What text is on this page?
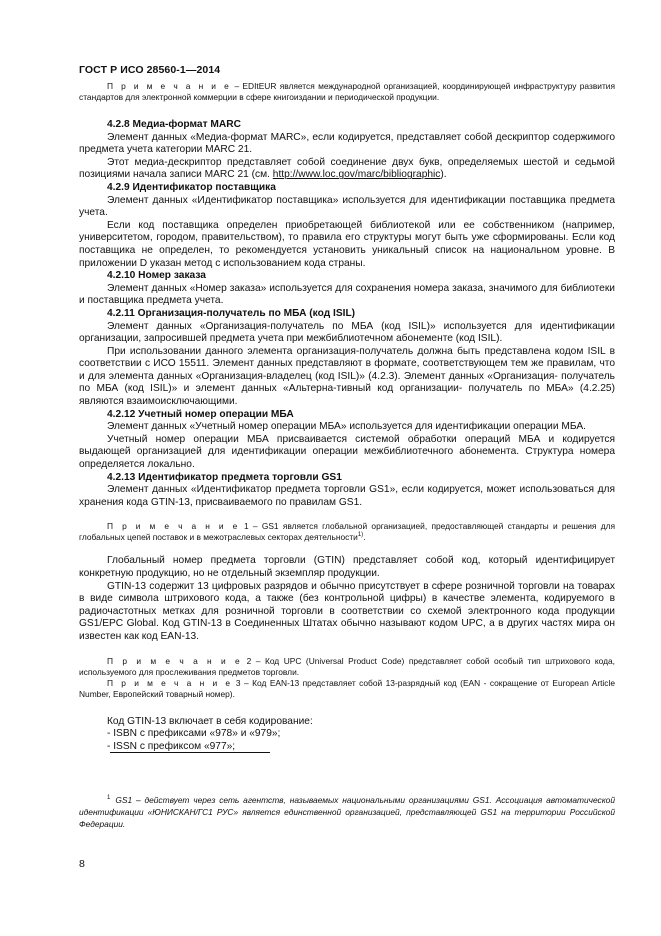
ГОСТ Р ИСО 28560-1—2014

П р и м е ч а н и е – EDItEUR является международной организацией, координирующей инфраструктуру развития стандартов для электронной коммерции в сфере книгоиздании и периодической продукции.

4.2.8 Медиа-формат MARC

Элемент данных «Медиа-формат MARC», если кодируется, представляет собой дескриптор содержимого предмета учета категории MARC 21.

Этот медиа-дескриптор представляет собой соединение двух букв, определяемых шестой и седьмой позициями начала записи MARC 21 (см. http://www.loc.gov/marc/bibliographic).

4.2.9 Идентификатор поставщика

Элемент данных «Идентификатор поставщика» используется для идентификации поставщика предмета учета.

Если код поставщика определен приобретающей библиотекой или ее собственником (например, университетом, городом, правительством), то правила его структуры могут быть уже сформированы. Если код поставщика не определен, то рекомендуется установить уникальный список на национальном уровне. В приложении D указан метод с использованием кода страны.

4.2.10 Номер заказа

Элемент данных «Номер заказа» используется для сохранения номера заказа, значимого для библиотеки и поставщика предмета учета.

4.2.11 Организация-получатель по МБА (код ISIL)

Элемент данных «Организация-получатель по МБА (код ISIL)» используется для идентификации организации, запросившей предмета учета при межбиблиотечном абонементе (код ISIL).

При использовании данного элемента организация-получатель должна быть представлена кодом ISIL в соответствии с ИСО 15511. Элемент данных представляют в формате, соответствующем тем же правилам, что и для элемента данных «Организация-владелец (код ISIL)» (4.2.3). Элемент данных «Организация- получатель по МБА (код ISIL)» и элемент данных «Альтерна-тивный код организации- получатель по МБА» (4.2.25) являются взаимоисключающими.

4.2.12 Учетный номер операции МБА

Элемент данных «Учетный номер операции МБА» используется для идентификации операции МБА.

Учетный номер операции МБА присваивается системой обработки операций МБА и кодируется выдающей организацией для идентификации операции межбиблиотечного абонемента. Структура номера определяется локально.

4.2.13 Идентификатор предмета торговли GS1

Элемент данных «Идентификатор предмета торговли GS1», если кодируется, может использоваться для хранения кода GTIN-13, присваиваемого по правилам GS1.

П р и м е ч а н и е 1 – GS1 является глобальной организацией, предоставляющей стандарты и решения для глобальных цепей поставок и в межотраслевых секторах деятельности$^{1)}$.

Глобальный номер предмета торговли (GTIN) представляет собой код, который идентифицирует конкретную продукцию, но не отдельный экземпляр продукции.

GTIN-13 содержит 13 цифровых разрядов и обычно присутствует в сфере розничной торговли на товарах в виде символа штрихового кода, а также (без контрольной цифры) в качестве элемента, кодируемого в радиочастотных метках для розничной торговли в соответствии со схемой электронного кода продукции GS1/EPC Global. Код GTIN-13 в Соединенных Штатах обычно называют кодом UPC, а в других частях мира он известен как код EAN-13.

П р и м е ч а н и е 2 – Код UPC (Universal Product Code) представляет собой особый тип штрихового кода, используемого для прослеживания предметов торговли.

П р и м е ч а н и е 3 – Код EAN-13 представляет собой 13-разрядный код (EAN - сокращение от European Article Number, Европейский товарный номер).

Код GTIN-13 включает в себя кодирование:

- ISBN с префиксами «978» и «979»;

- ISSN с префиксом «977»;

$^1$ GS1 – действует через сеть агентств, называемых национальными организациями GS1. Ассоциация автоматической идентификации «ЮНИСКАН/ГС1 РУС» является единственной организацией, представляющей GS1 на территории Российской Федерации.
8
